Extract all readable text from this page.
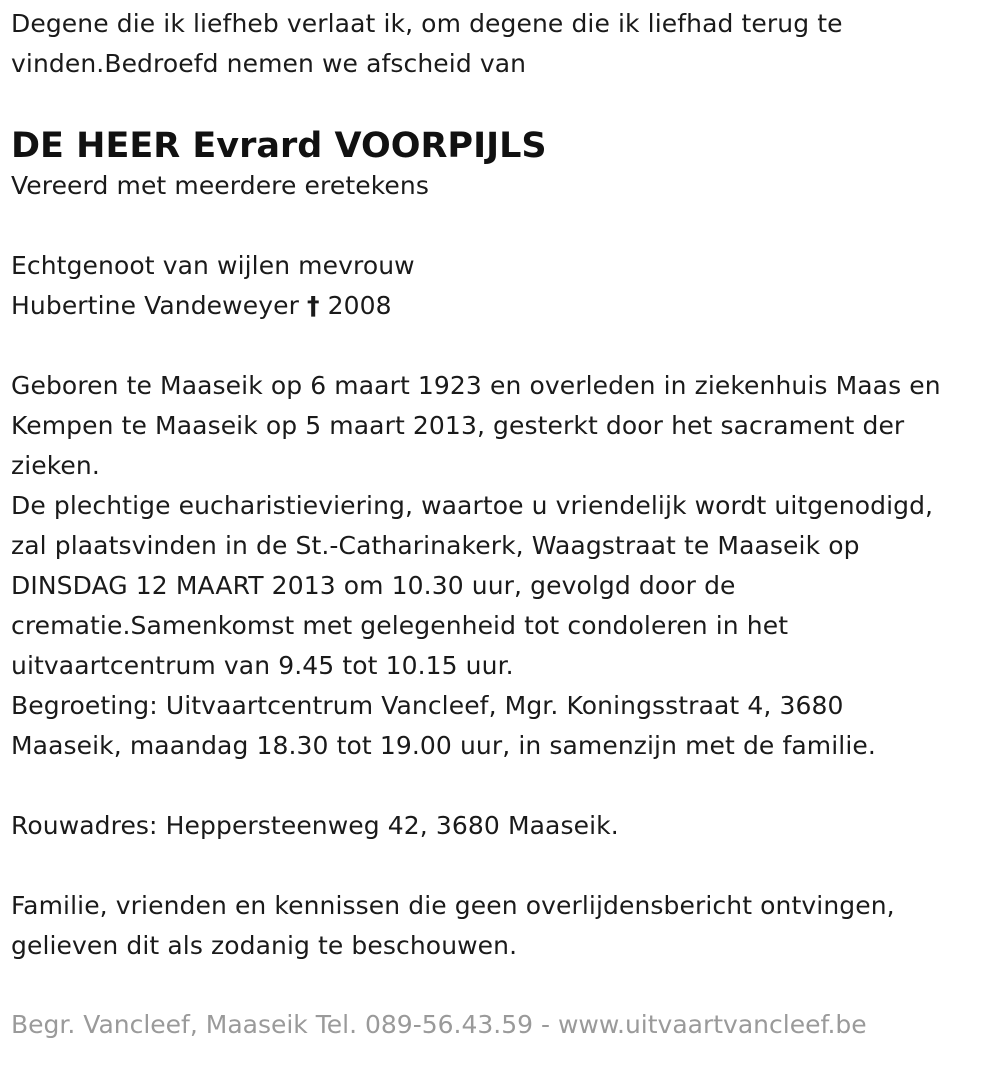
Degene die ik liefheb verlaat ik, om degene die ik liefhad terug te
vinden.Bedroefd nemen we afscheid van
DE HEER Evrard VOORPIJLS
Vereerd met meerdere eretekens
Echtgenoot van wijlen mevrouw
Hubertine Vandeweyer † 2008
Geboren te Maaseik op 6 maart 1923 en overleden in ziekenhuis Maas en
Kempen te Maaseik op 5 maart 2013, gesterkt door het sacrament der
zieken.
De plechtige eucharistieviering, waartoe u vriendelijk wordt uitgenodigd,
zal plaatsvinden in de St.-Catharinakerk, Waagstraat te Maaseik op
DINSDAG 12 MAART 2013 om 10.30 uur, gevolgd door de
crematie.Samenkomst met gelegenheid tot condoleren in het
uitvaartcentrum van 9.45 tot 10.15 uur.
Begroeting: Uitvaartcentrum Vancleef, Mgr. Koningsstraat 4, 3680
Maaseik, maandag 18.30 tot 19.00 uur, in samenzijn met de familie.
Rouwadres: Heppersteenweg 42, 3680 Maaseik.
Familie, vrienden en kennissen die geen overlijdensbericht ontvingen,
gelieven dit als zodanig te beschouwen.
Begr. Vancleef, Maaseik Tel. 089-56.43.59 - www.uitvaartvancleef.be
